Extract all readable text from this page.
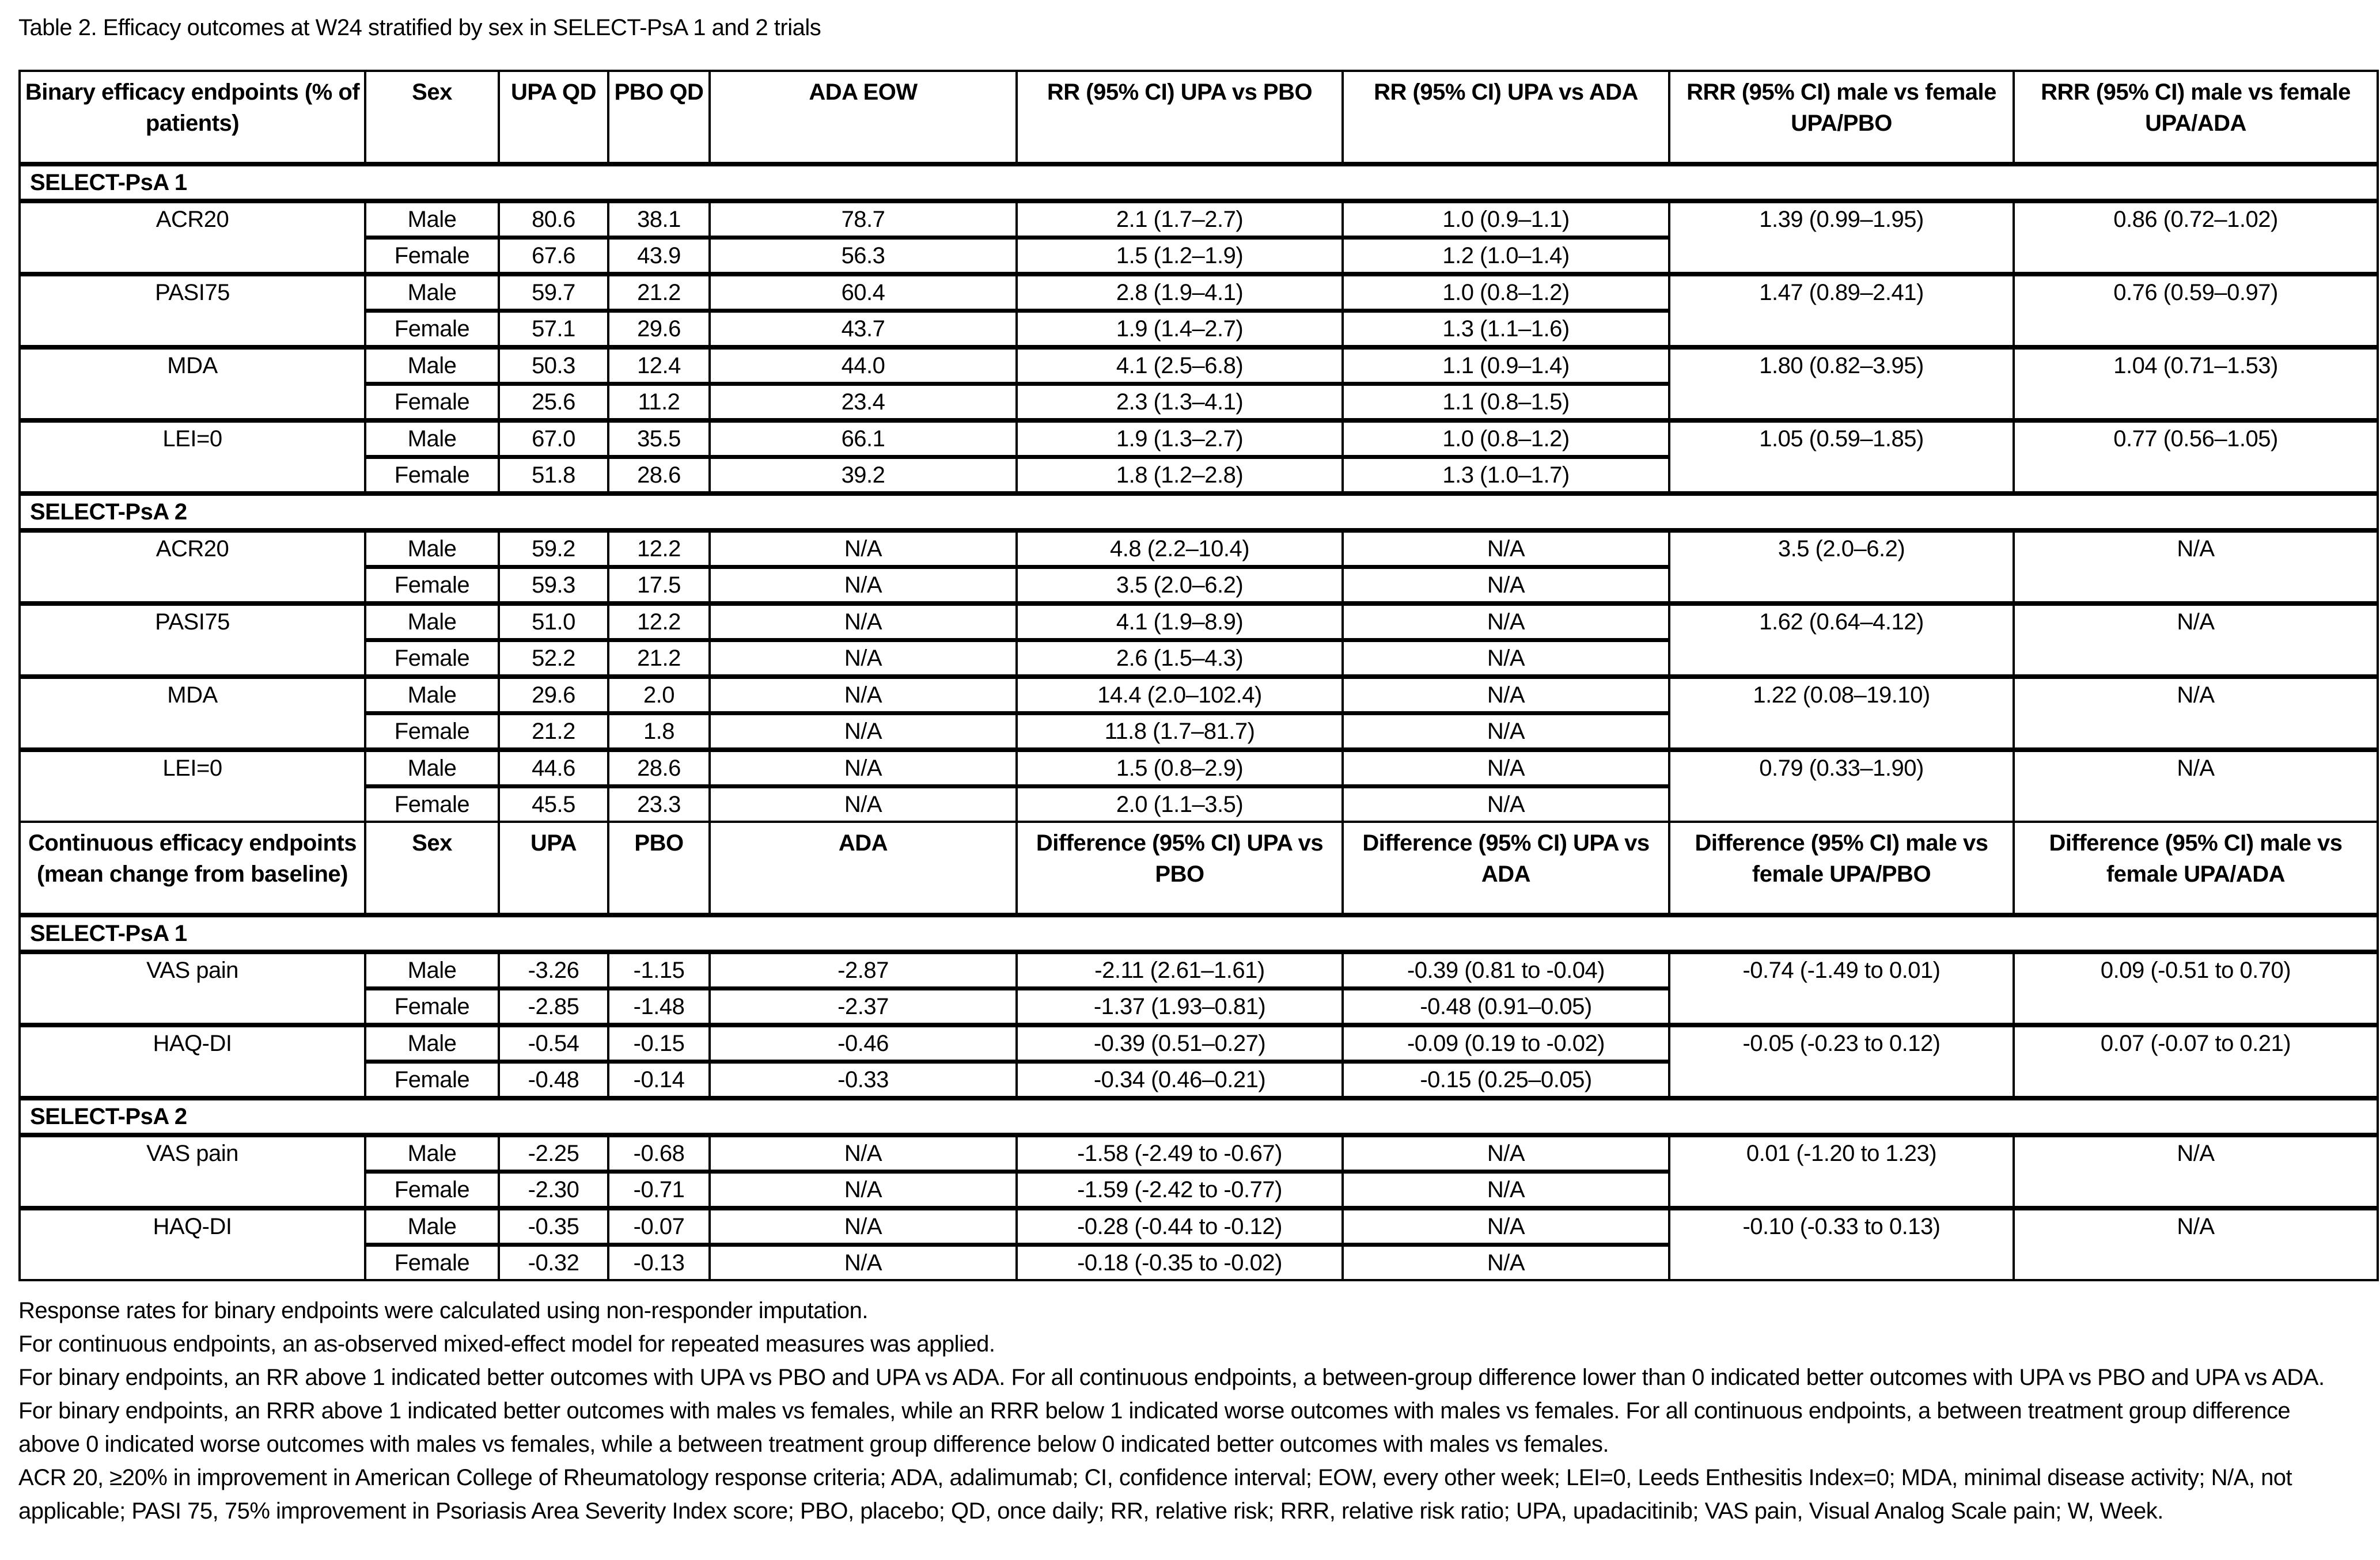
Table 2. Efficacy outcomes at W24 stratified by sex in SELECT-PsA 1 and 2 trials
Binary efficacy endpoints (% of patients)	Sex	UPA QD	PBO QD	ADA EOW	RR (95% CI) UPA vs PBO	RR (95% CI) UPA vs ADA	RRR (95% CI) male vs female UPA/PBO	RRR (95% CI) male vs female UPA/ADA
SELECT-PsA 1								
ACR20	Male	80.6	38.1	78.7	2.1 (1.7–2.7)	1.0 (0.9–1.1)	1.39 (0.99–1.95)	0.86 (0.72–1.02)
	Female	67.6	43.9	56.3	1.5 (1.2–1.9)	1.2 (1.0–1.4)		
PASI75	Male	59.7	21.2	60.4	2.8 (1.9–4.1)	1.0 (0.8–1.2)	1.47 (0.89–2.41)	0.76 (0.59–0.97)
	Female	57.1	29.6	43.7	1.9 (1.4–2.7)	1.3 (1.1–1.6)		
MDA	Male	50.3	12.4	44.0	4.1 (2.5–6.8)	1.1 (0.9–1.4)	1.80 (0.82–3.95)	1.04 (0.71–1.53)
	Female	25.6	11.2	23.4	2.3 (1.3–4.1)	1.1 (0.8–1.5)		
LEI=0	Male	67.0	35.5	66.1	1.9 (1.3–2.7)	1.0 (0.8–1.2)	1.05 (0.59–1.85)	0.77 (0.56–1.05)
	Female	51.8	28.6	39.2	1.8 (1.2–2.8)	1.3 (1.0–1.7)		
SELECT-PsA 2								
ACR20	Male	59.2	12.2	N/A	4.8 (2.2–10.4)	N/A	3.5 (2.0–6.2)	N/A
	Female	59.3	17.5	N/A	3.5 (2.0–6.2)	N/A		
PASI75	Male	51.0	12.2	N/A	4.1 (1.9–8.9)	N/A	1.62 (0.64–4.12)	N/A
	Female	52.2	21.2	N/A	2.6 (1.5–4.3)	N/A		
MDA	Male	29.6	2.0	N/A	14.4 (2.0–102.4)	N/A	1.22 (0.08–19.10)	N/A
	Female	21.2	1.8	N/A	11.8 (1.7–81.7)	N/A		
LEI=0	Male	44.6	28.6	N/A	1.5 (0.8–2.9)	N/A	0.79 (0.33–1.90)	N/A
	Female	45.5	23.3	N/A	2.0 (1.1–3.5)	N/A		
Continuous efficacy endpoints (mean change from baseline)	Sex	UPA	PBO	ADA	Difference (95% CI) UPA vs PBO	Difference (95% CI) UPA vs ADA	Difference (95% CI) male vs female UPA/PBO	Difference (95% CI) male vs female UPA/ADA
SELECT-PsA 1								
VAS pain	Male	-3.26	-1.15	-2.87	-2.11 (2.61–1.61)	-0.39 (0.81 to -0.04)	-0.74 (-1.49 to 0.01)	0.09 (-0.51 to 0.70)
	Female	-2.85	-1.48	-2.37	-1.37 (1.93–0.81)	-0.48 (0.91–0.05)		
HAQ-DI	Male	-0.54	-0.15	-0.46	-0.39 (0.51–0.27)	-0.09 (0.19 to -0.02)	-0.05 (-0.23 to 0.12)	0.07 (-0.07 to 0.21)
	Female	-0.48	-0.14	-0.33	-0.34 (0.46–0.21)	-0.15 (0.25–0.05)		
SELECT-PsA 2								
VAS pain	Male	-2.25	-0.68	N/A	-1.58 (-2.49 to -0.67)	N/A	0.01 (-1.20 to 1.23)	N/A
	Female	-2.30	-0.71	N/A	-1.59 (-2.42 to -0.77)	N/A		
HAQ-DI	Male	-0.35	-0.07	N/A	-0.28 (-0.44 to -0.12)	N/A	-0.10 (-0.33 to 0.13)	N/A
	Female	-0.32	-0.13	N/A	-0.18 (-0.35 to -0.02)	N/A		

Response rates for binary endpoints were calculated using non-responder imputation.

For continuous endpoints, an as-observed mixed-effect model for repeated measures was applied.

For binary endpoints, an RR above 1 indicated better outcomes with UPA vs PBO and UPA vs ADA. For all continuous endpoints, a between-group difference lower than 0 indicated better outcomes with UPA vs PBO and UPA vs ADA.

For binary endpoints, an RRR above 1 indicated better outcomes with males vs females, while an RRR below 1 indicated worse outcomes with males vs females. For all continuous endpoints, a between treatment group difference above 0 indicated worse outcomes with males vs females, while a between treatment group difference below 0 indicated better outcomes with males vs females.

ACR 20, ≥20% in improvement in American College of Rheumatology response criteria; ADA, adalimumab; CI, confidence interval; EOW, every other week; LEI=0, Leeds Enthesitis Index=0; MDA, minimal disease activity; N/A, not applicable; PASI 75, 75% improvement in Psoriasis Area Severity Index score; PBO, placebo; QD, once daily; RR, relative risk; RRR, relative risk ratio; UPA, upadacitinib; VAS pain, Visual Analog Scale pain; W, Week.
